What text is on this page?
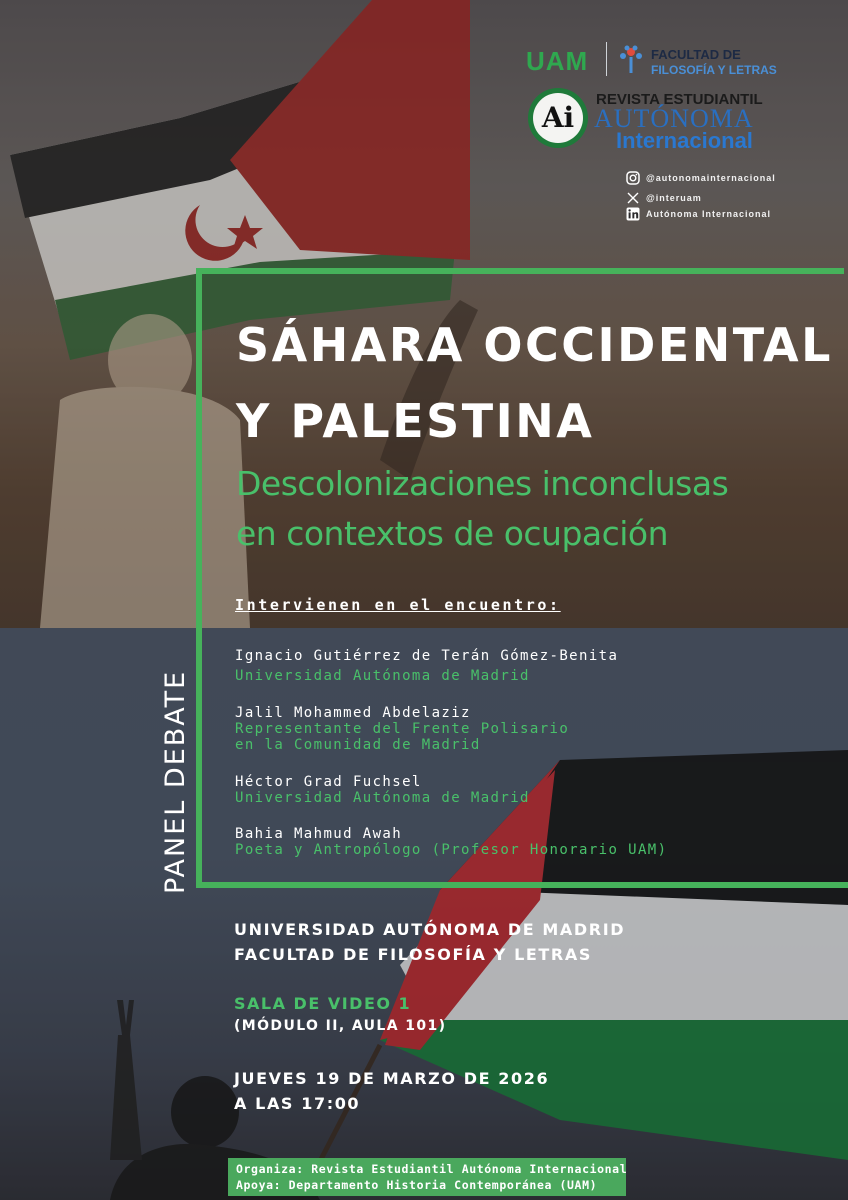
UAM	FACULTAD DE
FILOSOFÍA Y LETRAS
Ai
REVISTA ESTUDIANTIL
AUTÓNOMA
Internacional
@autonomainternacional
@interuam
Autónoma Internacional
SÁHARA OCCIDENTAL
Y PALESTINA
Descolonizaciones inconclusas
en contextos de ocupación
PANEL DEBATE
Intervienen en el encuentro:
Ignacio Gutiérrez de Terán Gómez-Benita
Universidad Autónoma de Madrid
Jalil Mohammed Abdelaziz
Representante del Frente Polisario
en la Comunidad de Madrid
Héctor Grad Fuchsel
Universidad Autónoma de Madrid
Bahia Mahmud Awah
Poeta y Antropólogo (Profesor Honorario UAM)
UNIVERSIDAD AUTÓNOMA DE MADRID
FACULTAD DE FILOSOFÍA Y LETRAS
SALA DE VIDEO 1
(MÓDULO II, AULA 101)
JUEVES 19 DE MARZO DE 2026
A LAS 17:00
Organiza: Revista Estudiantil Autónoma Internacional
Apoya: Departamento Historia Contemporánea (UAM)
